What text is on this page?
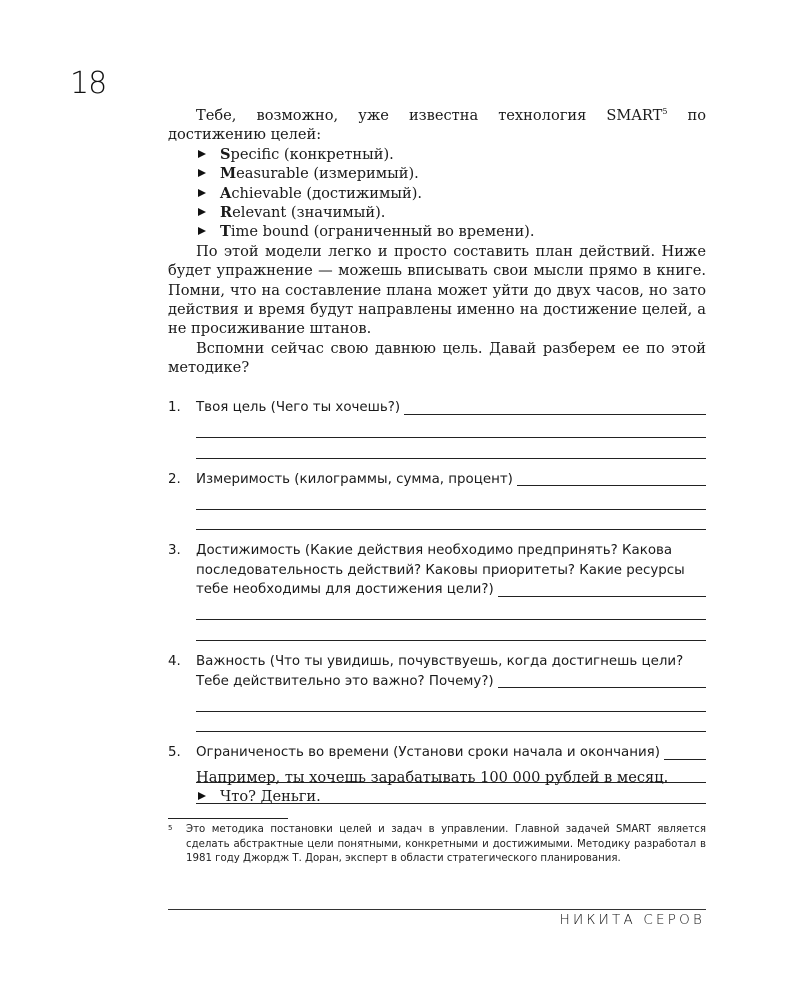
18

Тебе, возможно, уже известна технология SMART$^5$ по достижению целей:

Specific (конкретный).
Measurable (измеримый).
Achievable (достижимый).
Relevant (значимый).
Time bound (ограниченный во времени).

По этой модели легко и просто составить план действий. Ниже будет упражнение — можешь вписывать свои мысли прямо в книге. Помни, что на составление плана может уйти до двух часов, но зато действия и время будут направлены именно на достижение целей, а не просиживание штанов.

Вспомни сейчас свою давнюю цель. Давай разберем ее по этой методике?

1. Твоя цель (Чего ты хочешь?)
2. Измеримость (килограммы, сумма, процент)
3. Достижимость (Какие действия необходимо предпринять? Какова
последовательность действий? Каковы приоритеты? Какие ресурсы
тебе необходимы для достижения цели?)
4. Важность (Что ты увидишь, почувствуешь, когда достигнешь цели?
Тебе действительно это важно? Почему?)
5. Ограниченость во времени (Установи сроки начала и окончания)

Например, ты хочешь зарабатывать 100 000 рублей в месяц.

Что? Деньги.
5	Это методика постановки целей и задач в управлении. Главной задачей SMART является сделать абстрактные цели понятными, конкретными и достижимыми. Методику разработал в 1981 году Джордж Т. Доран, эксперт в области стратегического планирования.
НИКИТА СЕРОВ
